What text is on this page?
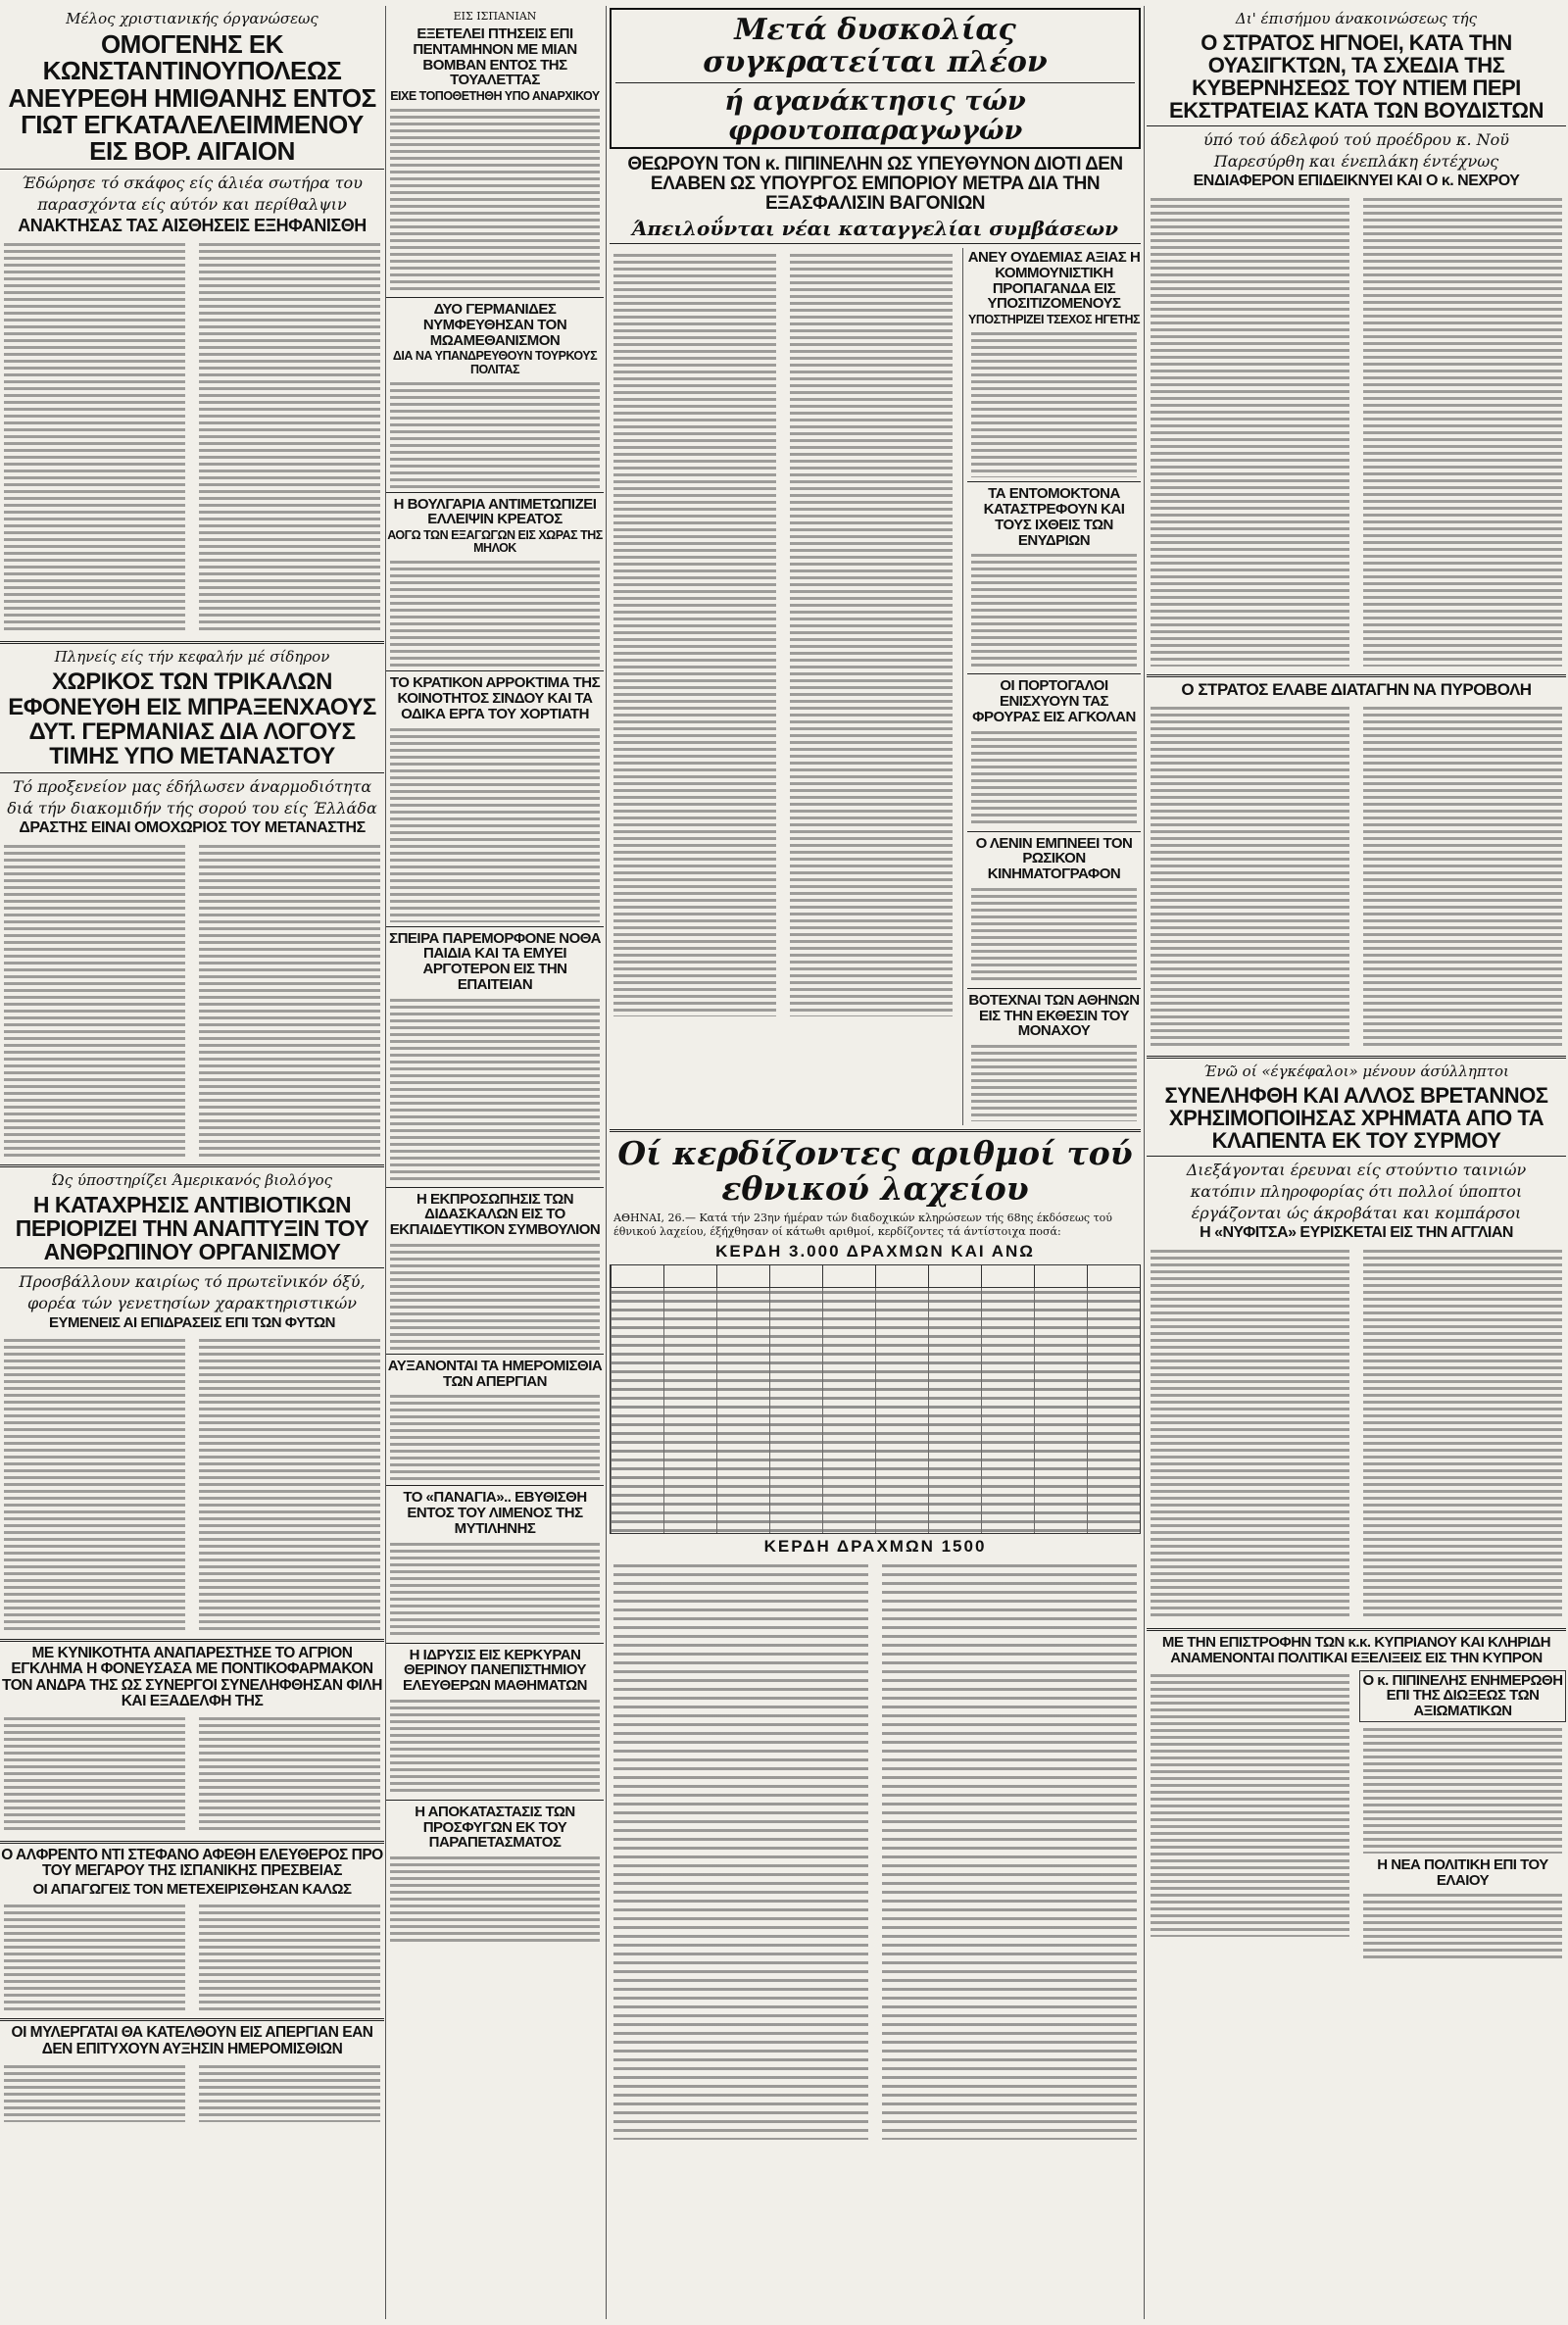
Μέλος χριστιανικής όργανώσεως
ΟΜΟΓΕΝΗΣ ΕΚ ΚΩΝΣΤΑΝΤΙΝΟΥΠΟΛΕΩΣ ΑΝΕΥΡΕΘΗ ΗΜΙΘΑΝΗΣ ΕΝΤΟΣ ΓΙΩΤ ΕΓΚΑΤΑΛΕΛΕΙΜΜΕΝΟΥ ΕΙΣ ΒΟΡ. ΑΙΓΑΙΟΝ
Έδώρησε τό σκάφος είς άλιέα σωτήρα του
παρασχόντα είς αύτόν και περίθαλψιν
ΑΝΑΚΤΗΣΑΣ ΤΑΣ ΑΙΣΘΗΣΕΙΣ ΕΞΗΦΑΝΙΣΘΗ
Πληνείς είς τήν κεφαλήν μέ σίδηρον
ΧΩΡΙΚΟΣ ΤΩΝ ΤΡΙΚΑΛΩΝ ΕΦΟΝΕΥΘΗ ΕΙΣ ΜΠΡΑΞΕΝΧΑΟΥΣ ΔΥΤ. ΓΕΡΜΑΝΙΑΣ ΔΙΑ ΛΟΓΟΥΣ ΤΙΜΗΣ ΥΠΟ ΜΕΤΑΝΑΣΤΟΥ
Τό προξενείον μας έδήλωσεν άναρμοδιότητα
διά τήν διακομιδήν τής σορού του είς Έλλάδα
ΔΡΑΣΤΗΣ ΕΙΝΑΙ ΟΜΟΧΩΡΙΟΣ ΤΟΥ ΜΕΤΑΝΑΣΤΗΣ
Ώς ύποστηρίζει Άμερικανός βιολόγος
Η ΚΑΤΑΧΡΗΣΙΣ ΑΝΤΙΒΙΟΤΙΚΩΝ ΠΕΡΙΟΡΙΖΕΙ ΤΗΝ ΑΝΑΠΤΥΞΙΝ ΤΟΥ ΑΝΘΡΩΠΙΝΟΥ ΟΡΓΑΝΙΣΜΟΥ
Προσβάλλουν καιρίως τό πρωτεϊνικόν όξύ,
φορέα τών γενετησίων χαρακτηριστικών
ΕΥΜΕΝΕΙΣ ΑΙ ΕΠΙΔΡΑΣΕΙΣ ΕΠΙ ΤΩΝ ΦΥΤΩΝ
ΜΕ ΚΥΝΙΚΟΤΗΤΑ ΑΝΑΠΑΡΕΣΤΗΣΕ ΤΟ ΑΓΡΙΟΝ ΕΓΚΛΗΜΑ Η ΦΟΝΕΥΣΑΣΑ ΜΕ ΠΟΝΤΙΚΟΦΑΡΜΑΚΟΝ ΤΟΝ ΑΝΔΡΑ ΤΗΣ ΩΣ ΣΥΝΕΡΓΟΙ ΣΥΝΕΛΗΦΘΗΣΑΝ ΦΙΛΗ ΚΑΙ ΕΞΑΔΕΛΦΗ ΤΗΣ
Ο ΑΛΦΡΕΝΤΟ ΝΤΙ ΣΤΕΦΑΝΟ ΑΦΕΘΗ ΕΛΕΥΘΕΡΟΣ ΠΡΟ ΤΟΥ ΜΕΓΑΡΟΥ ΤΗΣ ΙΣΠΑΝΙΚΗΣ ΠΡΕΣΒΕΙΑΣ
ΟΙ ΑΠΑΓΩΓΕΙΣ ΤΟΝ ΜΕΤΕΧΕΙΡΙΣΘΗΣΑΝ ΚΑΛΩΣ
ΟΙ ΜΥΛΕΡΓΑΤΑΙ ΘΑ ΚΑΤΕΛΘΟΥΝ ΕΙΣ ΑΠΕΡΓΙΑΝ ΕΑΝ ΔΕΝ ΕΠΙΤΥΧΟΥΝ ΑΥΞΗΣΙΝ ΗΜΕΡΟΜΙΣΘΙΩΝ
ΕΙΣ ΙΣΠΑΝΙΑΝ
ΕΞΕΤΕΛΕΙ ΠΤΗΣΕΙΣ ΕΠΙ ΠΕΝΤΑΜΗΝΟΝ ΜΕ ΜΙΑΝ ΒΟΜΒΑΝ ΕΝΤΟΣ ΤΗΣ ΤΟΥΑΛΕΤΤΑΣ
ΕΙΧΕ ΤΟΠΟΘΕΤΗΘΗ ΥΠΟ ΑΝΑΡΧΙΚΟΥ
ΔΥΟ ΓΕΡΜΑΝΙΔΕΣ ΝΥΜΦΕΥΘΗΣΑΝ ΤΟΝ ΜΩΑΜΕΘΑΝΙΣΜΟΝ
ΔΙΑ ΝΑ ΥΠΑΝΔΡΕΥΘΟΥΝ ΤΟΥΡΚΟΥΣ ΠΟΛΙΤΑΣ
Η ΒΟΥΛΓΑΡΙΑ ΑΝΤΙΜΕΤΩΠΙΖΕΙ ΕΛΛΕΙΨΙΝ ΚΡΕΑΤΟΣ
ΑΟΓΩ ΤΩΝ ΕΞΑΓΩΓΩΝ ΕΙΣ ΧΩΡΑΣ ΤΗΣ ΜΗΛΟΚ
ΤΟ ΚΡΑΤΙΚΟΝ ΑΡΡΟΚΤΙΜΑ ΤΗΣ ΚΟΙΝΟΤΗΤΟΣ ΣΙΝΔΟΥ ΚΑΙ ΤΑ ΟΔΙΚΑ ΕΡΓΑ ΤΟΥ ΧΟΡΤΙΑΤΗ
ΣΠΕΙΡΑ ΠΑΡΕΜΟΡΦΟΝΕ ΝΟΘΑ ΠΑΙΔΙΑ ΚΑΙ ΤΑ ΕΜΥΕΙ ΑΡΓΟΤΕΡΟΝ ΕΙΣ ΤΗΝ ΕΠΑΙΤΕΙΑΝ
Η ΕΚΠΡΟΣΩΠΗΣΙΣ ΤΩΝ ΔΙΔΑΣΚΑΛΩΝ ΕΙΣ ΤΟ ΕΚΠΑΙΔΕΥΤΙΚΟΝ ΣΥΜΒΟΥΛΙΟΝ
ΑΥΞΑΝΟΝΤΑΙ ΤΑ ΗΜΕΡΟΜΙΣΘΙΑ ΤΩΝ ΑΠΕΡΓΙΑΝ
ΤΟ «ΠΑΝΑΓΙΑ».. ΕΒΥΘΙΣΘΗ ΕΝΤΟΣ ΤΟΥ ΛΙΜΕΝΟΣ ΤΗΣ ΜΥΤΙΛΗΝΗΣ
Η ΙΔΡΥΣΙΣ ΕΙΣ ΚΕΡΚΥΡΑΝ ΘΕΡΙΝΟΥ ΠΑΝΕΠΙΣΤΗΜΙΟΥ ΕΛΕΥΘΕΡΩΝ ΜΑΘΗΜΑΤΩΝ
Η ΑΠΟΚΑΤΑΣΤΑΣΙΣ ΤΩΝ ΠΡΟΣΦΥΓΩΝ ΕΚ ΤΟΥ ΠΑΡΑΠΕΤΑΣΜΑΤΟΣ
Μετά δυσκολίας συγκρατείται πλέον
ή αγανάκτησις τών φρουτοπαραγωγών
ΘΕΩΡΟΥΝ ΤΟΝ κ. ΠΙΠΙΝΕΛΗΝ ΩΣ ΥΠΕΥΘΥΝΟΝ ΔΙΟΤΙ ΔΕΝ ΕΛΑΒΕΝ ΩΣ ΥΠΟΥΡΓΟΣ ΕΜΠΟΡΙΟΥ ΜΕΤΡΑ ΔΙΑ ΤΗΝ ΕΞΑΣΦΑΛΙΣΙΝ ΒΑΓΟΝΙΩΝ
Άπειλοΰνται νέαι καταγγελίαι συμβάσεων
ΑΝΕΥ ΟΥΔΕΜΙΑΣ ΑΞΙΑΣ Η ΚΟΜΜΟΥΝΙΣΤΙΚΗ ΠΡΟΠΑΓΑΝΔΑ ΕΙΣ ΥΠΟΣΙΤΙΖΟΜΕΝΟΥΣ
ΥΠΟΣΤΗΡΙΖΕΙ ΤΣΕΧΟΣ ΗΓΕΤΗΣ
ΤΑ ΕΝΤΟΜΟΚΤΟΝΑ ΚΑΤΑΣΤΡΕΦΟΥΝ ΚΑΙ ΤΟΥΣ ΙΧΘΕΙΣ ΤΩΝ ΕΝΥΔΡΙΩΝ
ΟΙ ΠΟΡΤΟΓΑΛΟΙ ΕΝΙΣΧΥΟΥΝ ΤΑΣ ΦΡΟΥΡΑΣ ΕΙΣ ΑΓΚΟΛΑΝ
Ο ΛΕΝΙΝ ΕΜΠΝΕΕΙ ΤΟΝ ΡΩΣΙΚΟΝ ΚΙΝΗΜΑΤΟΓΡΑΦΟΝ
ΒΟΤΕΧΝΑΙ ΤΩΝ ΑΘΗΝΩΝ ΕΙΣ ΤΗΝ ΕΚΘΕΣΙΝ ΤΟΥ ΜΟΝΑΧΟΥ
Οί κερδίζοντες αριθμοί τού εθνικού λαχείου
ΑΘΗΝΑΙ, 26.— Κατά τήν 23ην ήμέραν τών διαδοχικών κληρώσεων τής 68ης έκδόσεως τού έθνικού λαχείου, έξήχθησαν οί κάτωθι αριθμοί, κερδίζοντες τά άντίστοιχα ποσά:
ΚΕΡΔΗ 3.000 ΔΡΑΧΜΩΝ ΚΑΙ ΑΝΩ
ΚΕΡΔΗ ΔΡΑΧΜΩΝ 1500
Δι' έπισήμου άνακοινώσεως τής
Ο ΣΤΡΑΤΟΣ ΗΓΝΟΕΙ, ΚΑΤΑ ΤΗΝ ΟΥΑΣΙΓΚΤΩΝ, ΤΑ ΣΧΕΔΙΑ ΤΗΣ ΚΥΒΕΡΝΗΣΕΩΣ ΤΟΥ ΝΤΙΕΜ ΠΕΡΙ ΕΚΣΤΡΑΤΕΙΑΣ ΚΑΤΑ ΤΩΝ ΒΟΥΔΙΣΤΩΝ
ύπό τού άδελφού τού προέδρου κ. Νοϋ
Παρεσύρθη και ένεπλάκη έντέχνως
ΕΝΔΙΑΦΕΡΟΝ ΕΠΙΔΕΙΚΝΥΕΙ ΚΑΙ Ο κ. ΝΕΧΡΟΥ
Ο ΣΤΡΑΤΟΣ ΕΛΑΒΕ ΔΙΑΤΑΓΗΝ ΝΑ ΠΥΡΟΒΟΛΗ
Ένῶ οί «έγκέφαλοι» μένουν άσύλληπτοι
ΣΥΝΕΛΗΦΘΗ ΚΑΙ ΑΛΛΟΣ ΒΡΕΤΑΝΝΟΣ ΧΡΗΣΙΜΟΠΟΙΗΣΑΣ ΧΡΗΜΑΤΑ ΑΠΟ ΤΑ ΚΛΑΠΕΝΤΑ ΕΚ ΤΟΥ ΣΥΡΜΟΥ
Διεξάγονται έρευναι είς στούντιο ταινιών
κατόπιν πληροφορίας ότι πολλοί ύποπτοι
έργάζονται ώς άκροβάται και κομπάρσοι
Η «ΝΥΦΙΤΣΑ» ΕΥΡΙΣΚΕΤΑΙ ΕΙΣ ΤΗΝ ΑΓΓΛΙΑΝ
ΜΕ ΤΗΝ ΕΠΙΣΤΡΟΦΗΝ ΤΩΝ κ.κ. ΚΥΠΡΙΑΝΟΥ ΚΑΙ ΚΛΗΡΙΔΗ ΑΝΑΜΕΝΟΝΤΑΙ ΠΟΛΙΤΙΚΑΙ ΕΞΕΛΙΞΕΙΣ ΕΙΣ ΤΗΝ ΚΥΠΡΟΝ
Ο κ. ΠΙΠΙΝΕΛΗΣ ΕΝΗΜΕΡΩΘΗ ΕΠΙ ΤΗΣ ΔΙΩΞΕΩΣ ΤΩΝ ΑΞΙΩΜΑΤΙΚΩΝ
Η ΝΕΑ ΠΟΛΙΤΙΚΗ ΕΠΙ ΤΟΥ ΕΛΑΙΟΥ
